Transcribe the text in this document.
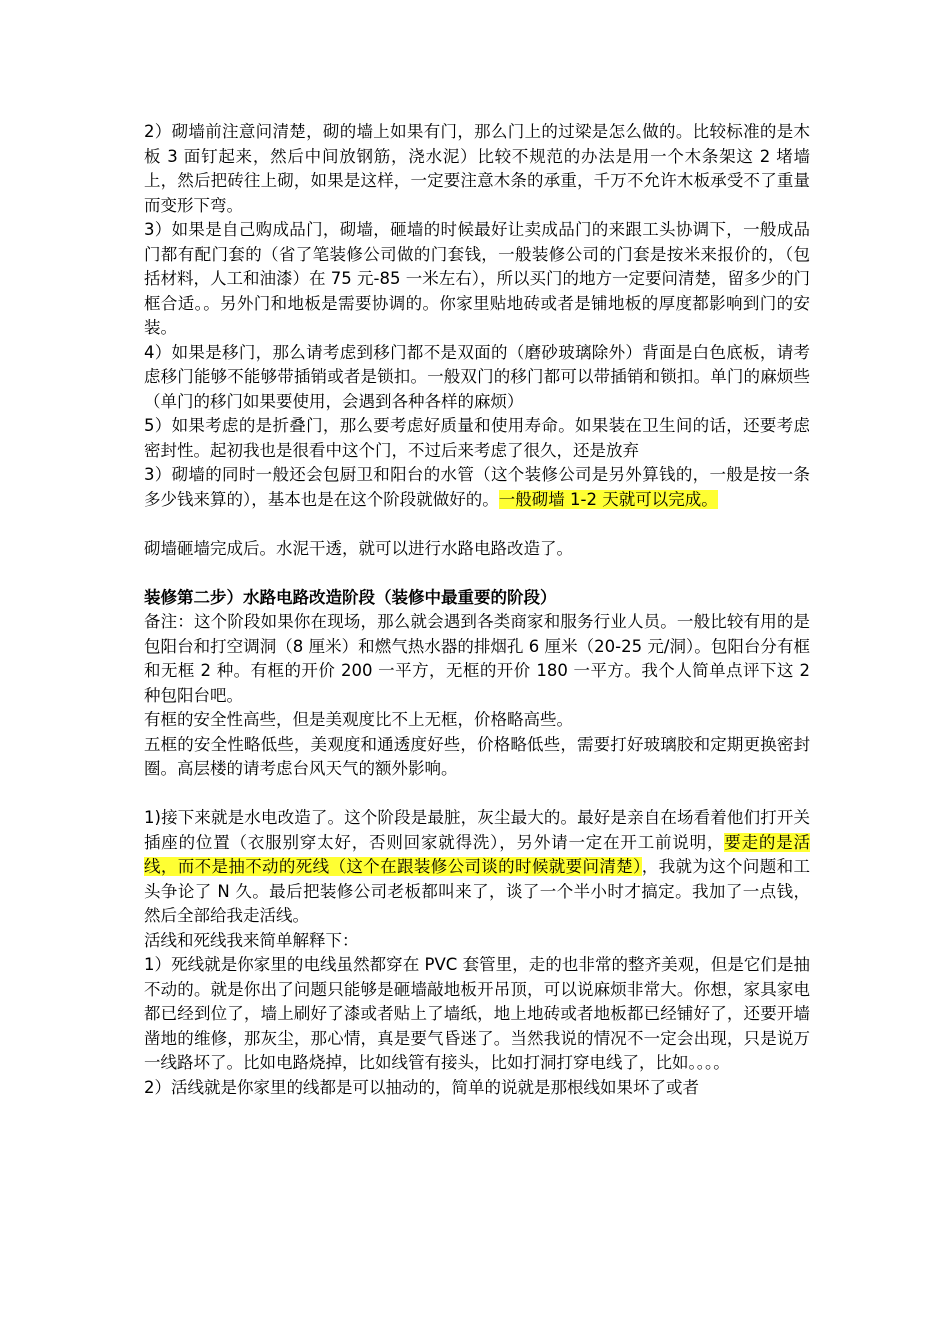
2）砌墙前注意问清楚，砌的墙上如果有门，那么门上的过梁是怎么做的。比较标准的是木板 3 面钉起来，然后中间放钢筋，浇水泥）比较不规范的办法是用一个木条架这 2 堵墙上，然后把砖往上砌，如果是这样，一定要注意木条的承重，千万不允许木板承受不了重量而变形下弯。

3）如果是自己购成品门，砌墙，砸墙的时候最好让卖成品门的来跟工头协调下，一般成品门都有配门套的（省了笔装修公司做的门套钱，一般装修公司的门套是按米来报价的，（包括材料，人工和油漆）在 75 元-85 一米左右），所以买门的地方一定要问清楚，留多少的门框合适。。另外门和地板是需要协调的。你家里贴地砖或者是铺地板的厚度都影响到门的安装。

4）如果是移门，那么请考虑到移门都不是双面的（磨砂玻璃除外）背面是白色底板，请考虑移门能够不能够带插销或者是锁扣。一般双门的移门都可以带插销和锁扣。单门的麻烦些（单门的移门如果要使用，会遇到各种各样的麻烦）

5）如果考虑的是折叠门，那么要考虑好质量和使用寿命。如果装在卫生间的话，还要考虑密封性。起初我也是很看中这个门，不过后来考虑了很久，还是放弃

3）砌墙的同时一般还会包厨卫和阳台的水管（这个装修公司是另外算钱的，一般是按一条多少钱来算的），基本也是在这个阶段就做好的。一般砌墙 1-2 天就可以完成。

砌墙砸墙完成后。水泥干透，就可以进行水路电路改造了。

装修第二步）水路电路改造阶段（装修中最重要的阶段）

备注：这个阶段如果你在现场，那么就会遇到各类商家和服务行业人员。一般比较有用的是包阳台和打空调洞（8 厘米）和燃气热水器的排烟孔 6 厘米（20-25 元/洞）。包阳台分有框和无框 2 种。有框的开价 200 一平方，无框的开价 180 一平方。我个人简单点评下这 2 种包阳台吧。

有框的安全性高些，但是美观度比不上无框，价格略高些。

五框的安全性略低些，美观度和通透度好些，价格略低些，需要打好玻璃胶和定期更换密封圈。高层楼的请考虑台风天气的额外影响。

1)接下来就是水电改造了。这个阶段是最脏，灰尘最大的。最好是亲自在场看着他们打开关插座的位置（衣服别穿太好，否则回家就得洗），另外请一定在开工前说明，要走的是活线，而不是抽不动的死线（这个在跟装修公司谈的时候就要问清楚），我就为这个问题和工头争论了 N 久。最后把装修公司老板都叫来了，谈了一个半小时才搞定。我加了一点钱，然后全部给我走活线。

活线和死线我来简单解释下：

1）死线就是你家里的电线虽然都穿在 PVC 套管里，走的也非常的整齐美观，但是它们是抽不动的。就是你出了问题只能够是砸墙敲地板开吊顶，可以说麻烦非常大。你想，家具家电都已经到位了，墙上刷好了漆或者贴上了墙纸，地上地砖或者地板都已经铺好了，还要开墙凿地的维修，那灰尘，那心情，真是要气昏迷了。当然我说的情况不一定会出现，只是说万一线路坏了。比如电路烧掉，比如线管有接头，比如打洞打穿电线了，比如。。。。

2）活线就是你家里的线都是可以抽动的，简单的说就是那根线如果坏了或者
